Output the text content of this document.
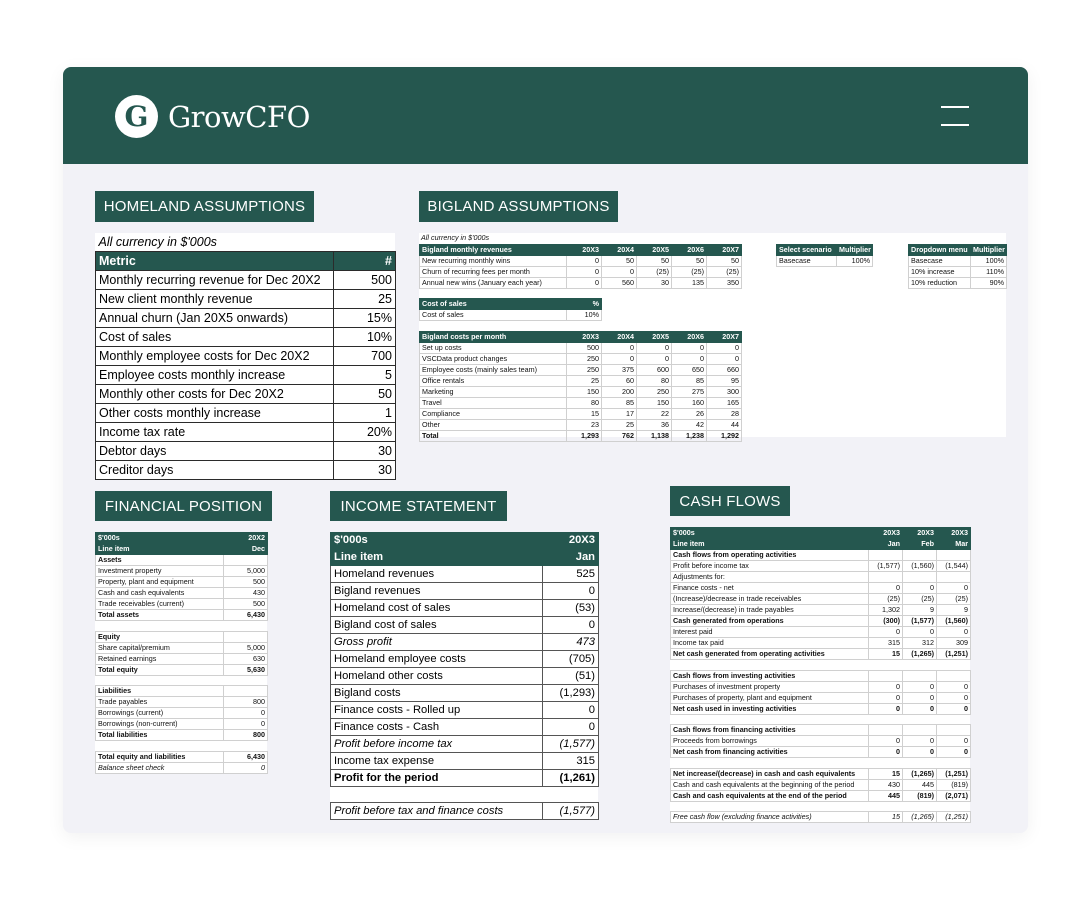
G GrowCFO
HOMELAND ASSUMPTIONS	BIGLAND ASSUMPTIONS
FINANCIAL POSITION	INCOME STATEMENT	CASH FLOWS
All currency in $'000s	
Metric	#
Monthly recurring revenue for Dec 20X2	500
New client monthly revenue	25
Annual churn (Jan 20X5 onwards)	15%
Cost of sales	10%
Monthly employee costs for Dec 20X2	700
Employee costs monthly increase	5
Monthly other costs for Dec 20X2	50
Other costs monthly increase	1
Income tax rate	20%
Debtor days	30
Creditor days	30
All currency in $'000s
Bigland monthly revenues	20X3	20X4	20X5	20X6	20X7
New recurring monthly wins	0	50	50	50	50
Churn of recurring fees per month	0	0	(25)	(25)	(25)
Annual new wins (January each year)	0	560	30	135	350
Cost of sales	%
Cost of sales	10%
Bigland costs per month	20X3	20X4	20X5	20X6	20X7
Set up costs	500	0	0	0	0
VSCData product changes	250	0	0	0	0
Employee costs (mainly sales team)	250	375	600	650	660
Office rentals	25	60	80	85	95
Marketing	150	200	250	275	300
Travel	80	85	150	160	165
Compliance	15	17	22	26	28
Other	23	25	36	42	44
Total	1,293	762	1,138	1,238	1,292
Select scenario	Multiplier
Basecase	100%
Dropdown menu	Multiplier
Basecase	100%
10% increase	110%
10% reduction	90%
$'000s	20X2
Line item	Dec
Assets	
Investment property	5,000
Property, plant and equipment	500
Cash and cash equivalents	430
Trade receivables (current)	500
Total assets	6,430

Equity	
Share capital/premium	5,000
Retained earnings	630
Total equity	5,630

Liabilities	
Trade payables	800
Borrowings (current)	0
Borrowings (non-current)	0
Total liabilities	800

Total equity and liabilities	6,430
Balance sheet check	0
$'000s	20X3
Line item	Jan
Homeland revenues	525
Bigland revenues	0
Homeland cost of sales	(53)
Bigland cost of sales	0
Gross profit	473
Homeland employee costs	(705)
Homeland other costs	(51)
Bigland costs	(1,293)
Finance costs - Rolled up	0
Finance costs - Cash	0
Profit before income tax	(1,577)
Income tax expense	315
Profit for the period	(1,261)

Profit before tax and finance costs	(1,577)
$'000s	20X3	20X3	20X3
Line item	Jan	Feb	Mar
Cash flows from operating activities			
Profit before income tax	(1,577)	(1,560)	(1,544)
Adjustments for:			
Finance costs - net	0	0	0
(Increase)/decrease in trade receivables	(25)	(25)	(25)
Increase/(decrease) in trade payables	1,302	9	9
Cash generated from operations	(300)	(1,577)	(1,560)
Interest paid	0	0	0
Income tax paid	315	312	309
Net cash generated from operating activities	15	(1,265)	(1,251)

Cash flows from investing activities			
Purchases of investment property	0	0	0
Purchases of property, plant and equipment	0	0	0
Net cash used in investing activities	0	0	0

Cash flows from financing activities			
Proceeds from borrowings	0	0	0
Net cash from financing activities	0	0	0

Net increase/(decrease) in cash and cash equivalents	15	(1,265)	(1,251)
Cash and cash equivalents at the beginning of the period	430	445	(819)
Cash and cash equivalents at the end of the period	445	(819)	(2,071)

Free cash flow (excluding finance activities)	15	(1,265)	(1,251)
